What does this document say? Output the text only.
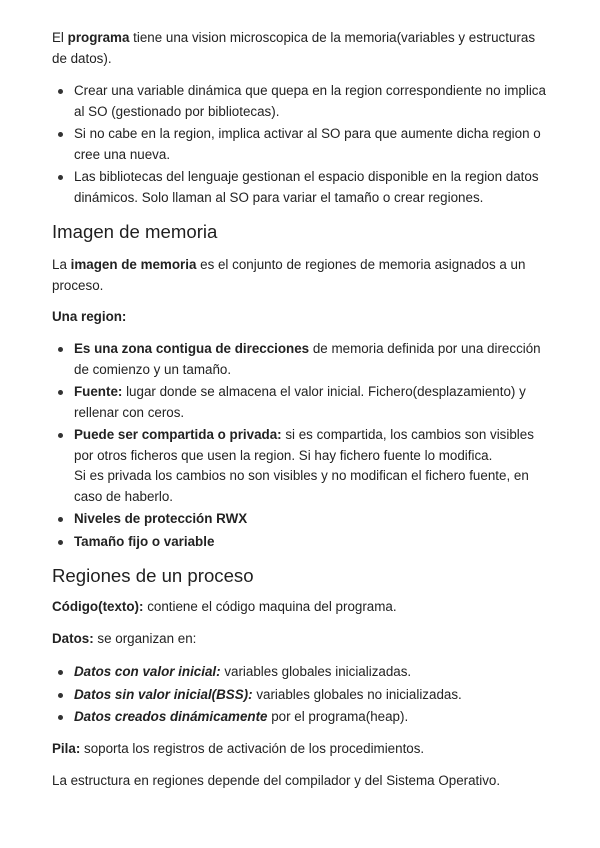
El programa tiene una vision microscopica de la memoria(variables y estructuras de datos).

Crear una variable dinámica que quepa en la region correspondiente no implica al SO (gestionado por bibliotecas).
Si no cabe en la region, implica activar al SO para que aumente dicha region o cree una nueva.
Las bibliotecas del lenguaje gestionan el espacio disponible en la region datos dinámicos. Solo llaman al SO para variar el tamaño o crear regiones.
Imagen de memoria

La imagen de memoria es el conjunto de regiones de memoria asignados a un proceso.

Una region:

Es una zona contigua de direcciones de memoria definida por una dirección de comienzo y un tamaño.
Fuente: lugar donde se almacena el valor inicial. Fichero(desplazamiento) y rellenar con ceros.
Puede ser compartida o privada: si es compartida, los cambios son visibles por otros ficheros que usen la region. Si hay fichero fuente lo modifica.
Si es privada los cambios no son visibles y no modifican el fichero fuente, en caso de haberlo.
Niveles de protección RWX
Tamaño fijo o variable
Regiones de un proceso

Código(texto): contiene el código maquina del programa.

Datos: se organizan en:

Datos con valor inicial: variables globales inicializadas.
Datos sin valor inicial(BSS): variables globales no inicializadas.
Datos creados dinámicamente por el programa(heap).

Pila: soporta los registros de activación de los procedimientos.

La estructura en regiones depende del compilador y del Sistema Operativo.
